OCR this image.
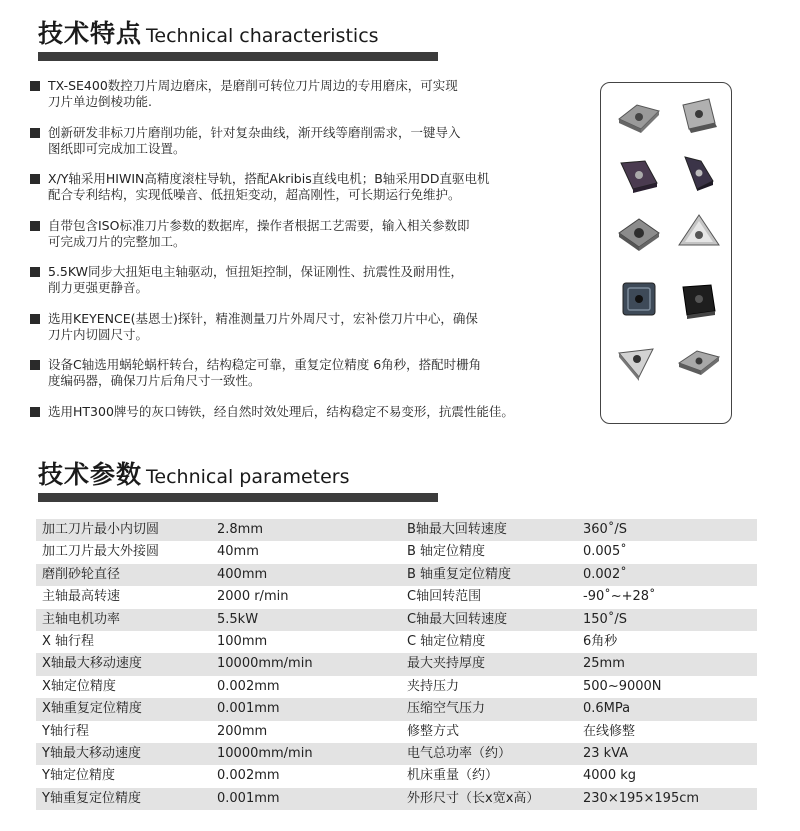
技术特点 Technical characteristics
TX-SE400数控刀片周边磨床，是磨削可转位刀片周边的专用磨床，可实现
刀片单边倒棱功能.
创新研发非标刀片磨削功能，针对复杂曲线，渐开线等磨削需求，一键导入
图纸即可完成加工设置。
X/Y轴采用HIWIN高精度滚柱导轨，搭配Akribis直线电机；B轴采用DD直驱电机
配合专利结构，实现低噪音、低扭矩变动，超高刚性，可长期运行免维护。
自带包含ISO标准刀片参数的数据库，操作者根据工艺需要，输入相关参数即
可完成刀片的完整加工。
5.5KW同步大扭矩电主轴驱动，恒扭矩控制，保证刚性、抗震性及耐用性，
削力更强更静音。
选用KEYENCE(基恩士)探针，精准测量刀片外周尺寸，宏补偿刀片中心，确保
刀片内切圆尺寸。
设备C轴选用蜗轮蜗杆转台，结构稳定可靠，重复定位精度 6角秒，搭配时栅角
度编码器，确保刀片后角尺寸一致性。
选用HT300牌号的灰口铸铁，经自然时效处理后，结构稳定不易变形，抗震性能佳。
技术参数 Technical parameters
加工刀片最小内切圆	2.8mm	B轴最大回转速度	360˚/S
加工刀片最大外接圆	40mm	B 轴定位精度	0.005˚
磨削砂轮直径	400mm	B 轴重复定位精度	0.002˚
主轴最高转速	2000 r/min	C轴回转范围	-90˚~+28˚
主轴电机功率	5.5kW	C轴最大回转速度	150˚/S
X 轴行程	100mm	C 轴定位精度	6角秒
X轴最大移动速度	10000mm/min	最大夹持厚度	25mm
X轴定位精度	0.002mm	夹持压力	500~9000N
X轴重复定位精度	0.001mm	压缩空气压力	0.6MPa
Y轴行程	200mm	修整方式	在线修整
Y轴最大移动速度	10000mm/min	电气总功率（约）	23 kVA
Y轴定位精度	0.002mm	机床重量（约）	4000 kg
Y轴重复定位精度	0.001mm	外形尺寸（长x宽x高）	230×195×195cm
